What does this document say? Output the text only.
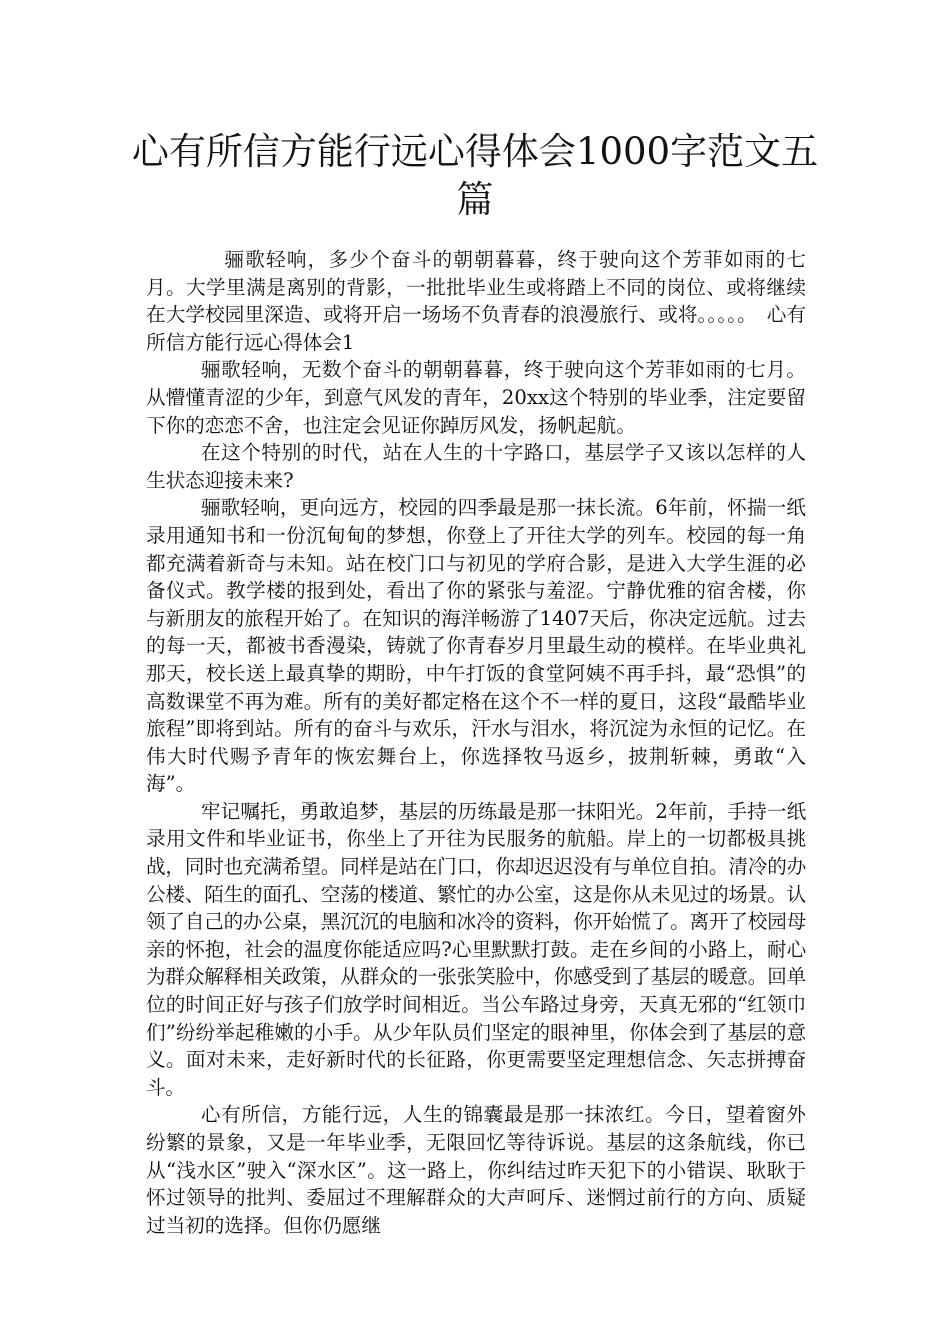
心有所信方能行远心得体会1000字范文五篇

骊歌轻响，多少个奋斗的朝朝暮暮，终于驶向这个芳菲如雨的七月。大学里满是离别的背影，一批批毕业生或将踏上不同的岗位、或将继续在大学校园里深造、或将开启一场场不负青春的浪漫旅行、或将。。。。。　心有所信方能行远心得体会1

骊歌轻响，无数个奋斗的朝朝暮暮，终于驶向这个芳菲如雨的七月。从懵懂青涩的少年，到意气风发的青年，20xx这个特别的毕业季，注定要留下你的恋恋不舍，也注定会见证你踔厉风发，扬帆起航。

在这个特别的时代，站在人生的十字路口，基层学子又该以怎样的人生状态迎接未来?

骊歌轻响，更向远方，校园的四季最是那一抹长流。6年前，怀揣一纸录用通知书和一份沉甸甸的梦想，你登上了开往大学的列车。校园的每一角都充满着新奇与未知。站在校门口与初见的学府合影，是进入大学生涯的必备仪式。教学楼的报到处，看出了你的紧张与羞涩。宁静优雅的宿舍楼，你与新朋友的旅程开始了。在知识的海洋畅游了1407天后，你决定远航。过去的每一天，都被书香漫染，铸就了你青春岁月里最生动的模样。在毕业典礼那天，校长送上最真挚的期盼，中午打饭的食堂阿姨不再手抖，最“恐惧”的高数课堂不再为难。所有的美好都定格在这个不一样的夏日，这段“最酷毕业旅程”即将到站。所有的奋斗与欢乐，汗水与泪水，将沉淀为永恒的记忆。在伟大时代赐予青年的恢宏舞台上，你选择牧马返乡，披荆斩棘，勇敢“入海”。

牢记嘱托，勇敢追梦，基层的历练最是那一抹阳光。2年前，手持一纸录用文件和毕业证书，你坐上了开往为民服务的航船。岸上的一切都极具挑战，同时也充满希望。同样是站在门口，你却迟迟没有与单位自拍。清冷的办公楼、陌生的面孔、空荡的楼道、繁忙的办公室，这是你从未见过的场景。认领了自己的办公桌，黑沉沉的电脑和冰冷的资料，你开始慌了。离开了校园母亲的怀抱，社会的温度你能适应吗?心里默默打鼓。走在乡间的小路上，耐心为群众解释相关政策，从群众的一张张笑脸中，你感受到了基层的暖意。回单位的时间正好与孩子们放学时间相近。当公车路过身旁，天真无邪的“红领巾们”纷纷举起稚嫩的小手。从少年队员们坚定的眼神里，你体会到了基层的意义。面对未来，走好新时代的长征路，你更需要坚定理想信念、矢志拼搏奋斗。

心有所信，方能行远，人生的锦囊最是那一抹浓红。今日，望着窗外纷繁的景象，又是一年毕业季，无限回忆等待诉说。基层的这条航线，你已从“浅水区”驶入“深水区”。这一路上，你纠结过昨天犯下的小错误、耿耿于怀过领导的批判、委屈过不理解群众的大声呵斥、迷惘过前行的方向、质疑过当初的选择。但你仍愿继
